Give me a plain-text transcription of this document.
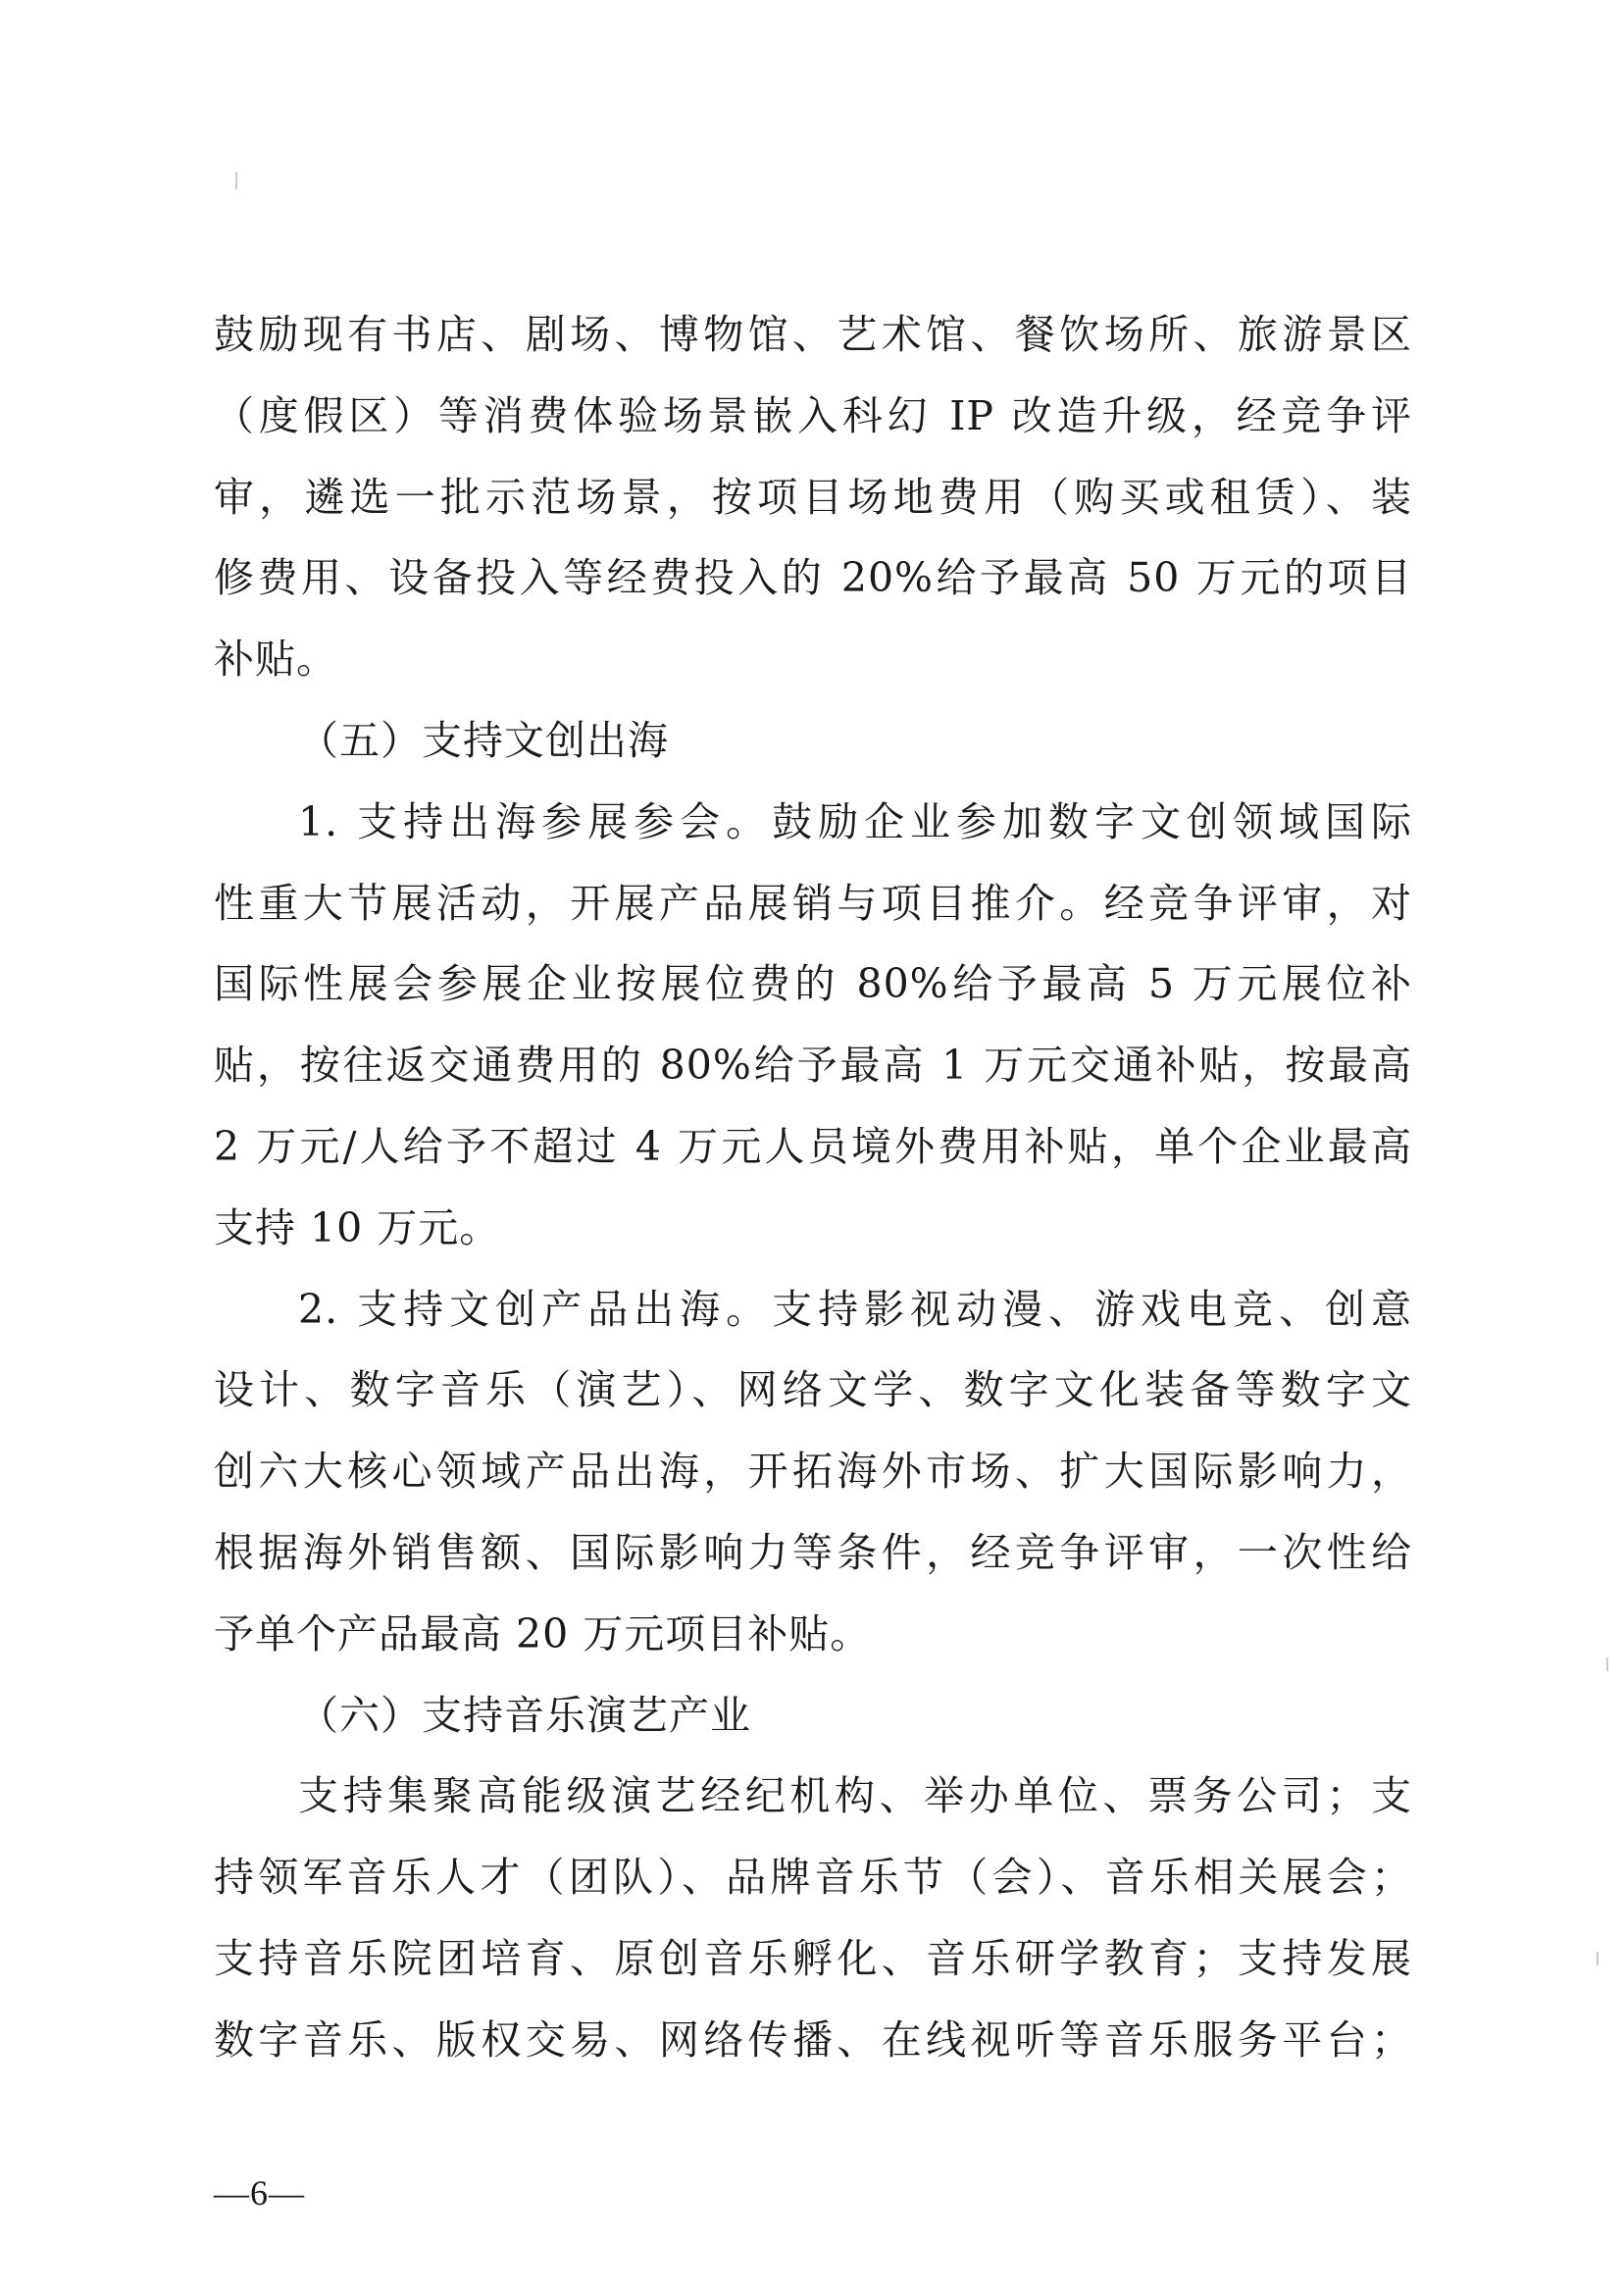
鼓励现有书店、剧场、博物馆、艺术馆、餐饮场所、旅游景区
（度假区）等消费体验场景嵌入科幻 IP 改造升级，经竞争评
审，遴选一批示范场景，按项目场地费用（购买或租赁）、装
修费用、设备投入等经费投入的 20%给予最高 50 万元的项目
补贴。
（五）支持文创出海
1. 支持出海参展参会。鼓励企业参加数字文创领域国际
性重大节展活动，开展产品展销与项目推介。经竞争评审，对
国际性展会参展企业按展位费的 80%给予最高 5 万元展位补
贴，按往返交通费用的 80%给予最高 1 万元交通补贴，按最高
2 万元/人给予不超过 4 万元人员境外费用补贴，单个企业最高
支持 10 万元。
2. 支持文创产品出海。支持影视动漫、游戏电竞、创意
设计、数字音乐（演艺）、网络文学、数字文化装备等数字文
创六大核心领域产品出海，开拓海外市场、扩大国际影响力，
根据海外销售额、国际影响力等条件，经竞争评审，一次性给
予单个产品最高 20 万元项目补贴。
（六）支持音乐演艺产业
支持集聚高能级演艺经纪机构、举办单位、票务公司；支
持领军音乐人才（团队）、品牌音乐节（会）、音乐相关展会；
支持音乐院团培育、原创音乐孵化、音乐研学教育；支持发展
数字音乐、版权交易、网络传播、在线视听等音乐服务平台；
—6—
